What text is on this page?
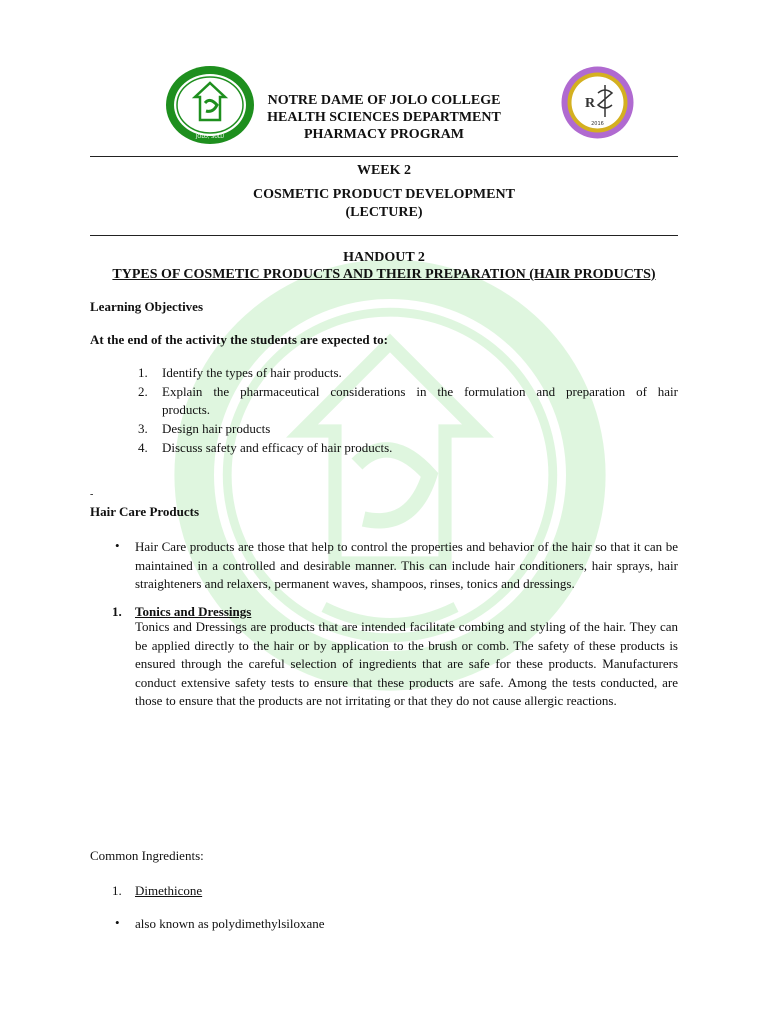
JOLO, SULU
R
2016
NOTRE DAME OF JOLO COLLEGE
HEALTH SCIENCES DEPARTMENT
PHARMACY PROGRAM
WEEK 2
COSMETIC PRODUCT DEVELOPMENT
(LECTURE)
HANDOUT 2
TYPES OF COSMETIC PRODUCTS AND THEIR PREPARATION (HAIR PRODUCTS)
Learning Objectives
At the end of the activity the students are expected to:
1. Identify the types of hair products.
2. Explain the pharmaceutical considerations in the formulation and preparation of hair
products.
3. Design hair products
4. Discuss safety and efficacy of hair products.
-
Hair Care Products
• Hair Care products are those that help to control the properties and behavior of the hair so that it can be maintained in a controlled and desirable manner. This can include hair conditioners, hair sprays, hair straighteners and relaxers, permanent waves, shampoos, rinses, tonics and dressings.
1. Tonics and Dressings
Tonics and Dressings are products that are intended facilitate combing and styling of the hair. They can be applied directly to the hair or by application to the brush or comb. The safety of these products is ensured through the careful selection of ingredients that are safe for these products. Manufacturers conduct extensive safety tests to ensure that these products are safe. Among the tests conducted, are those to ensure that the products are not irritating or that they do not cause allergic reactions.
Common Ingredients:
1. Dimethicone
• also known as polydimethylsiloxane
